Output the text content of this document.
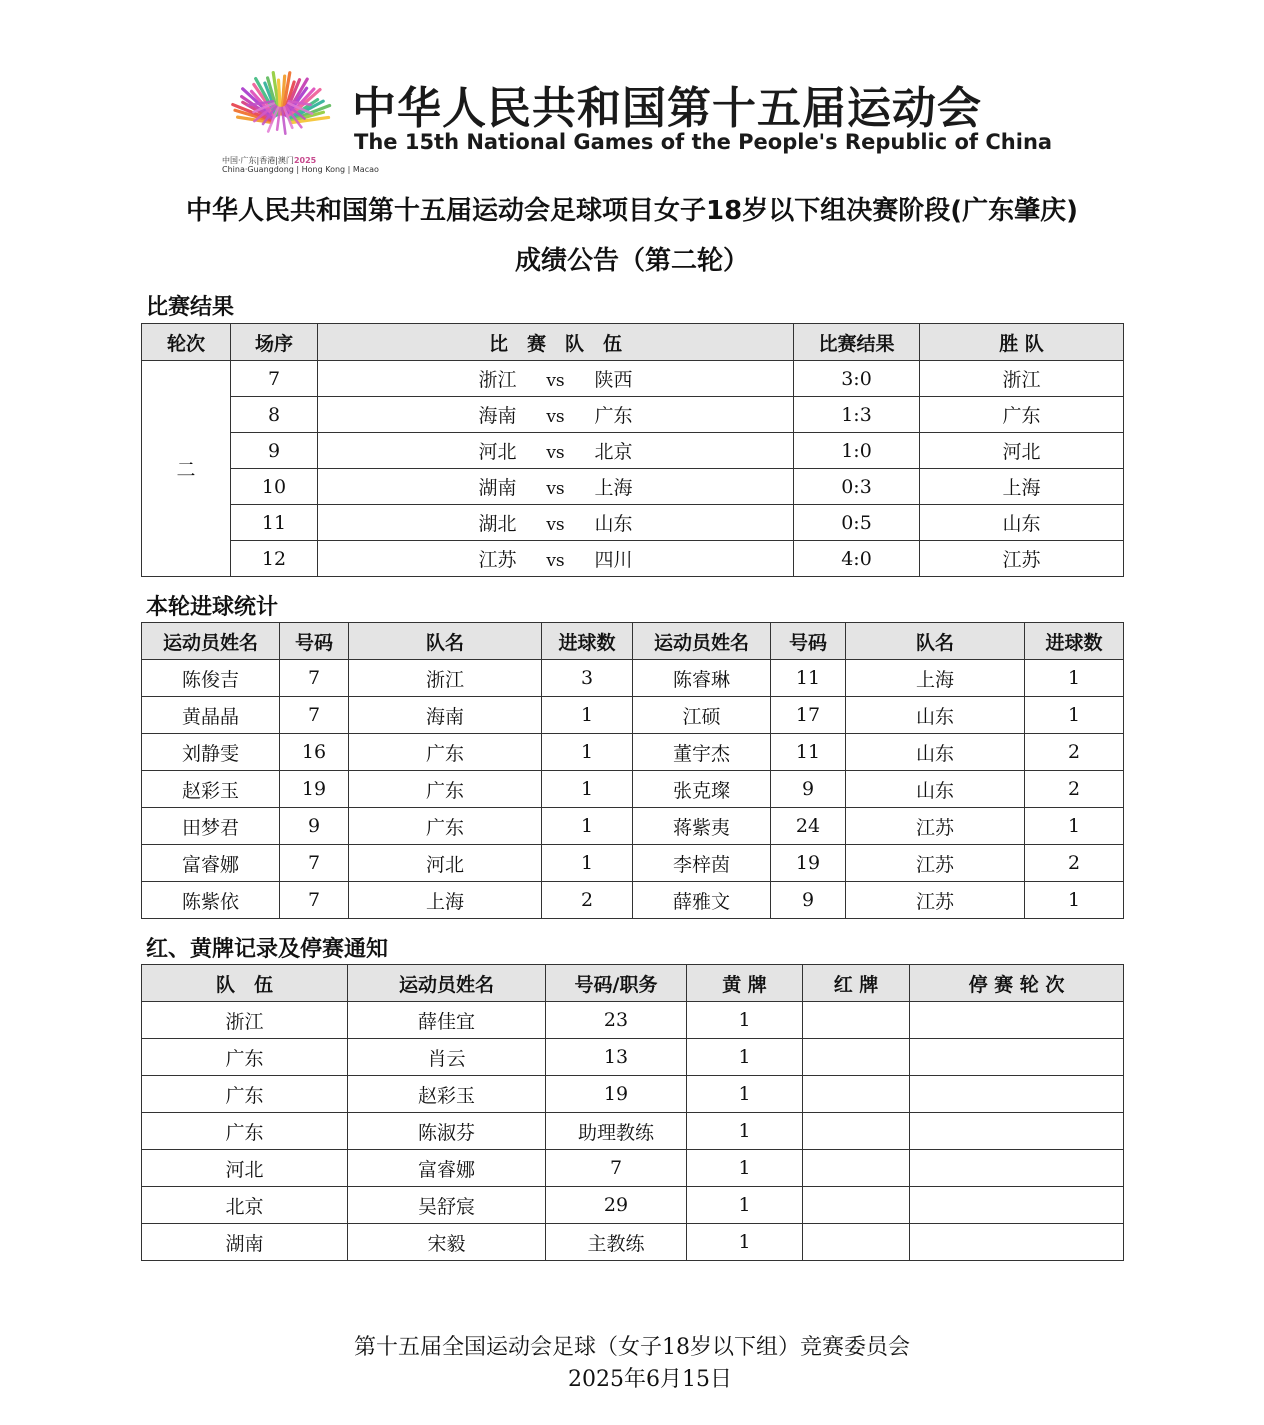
中华人民共和国第十五届运动会
The 15th National Games of the People's Republic of China
中国·广东|香港|澳门2025
China·Guangdong | Hong Kong | Macao
中华人民共和国第十五届运动会足球项目女子18岁以下组决赛阶段(广东肇庆)
成绩公告（第二轮）
比赛结果
轮次	场序	比　赛　队　伍	比赛结果	胜 队
二	7	浙江 vs 陕西	3:0	浙江
	8	海南 vs 广东	1:3	广东
	9	河北 vs 北京	1:0	河北
	10	湖南 vs 上海	0:3	上海
	11	湖北 vs 山东	0:5	山东
	12	江苏 vs 四川	4:0	江苏
本轮进球统计
运动员姓名	号码	队名	进球数	运动员姓名	号码	队名	进球数
陈俊吉	7	浙江	3	陈睿琳	11	上海	1
黄晶晶	7	海南	1	江硕	17	山东	1
刘静雯	16	广东	1	董宇杰	11	山东	2
赵彩玉	19	广东	1	张克璨	9	山东	2
田梦君	9	广东	1	蒋紫夷	24	江苏	1
富睿娜	7	河北	1	李梓茵	19	江苏	2
陈紫依	7	上海	2	薛雅文	9	江苏	1
红、黄牌记录及停赛通知
队　伍	运动员姓名	号码/职务	黄 牌	红 牌	停 赛 轮 次
浙江	薛佳宜	23	1		
广东	肖云	13	1		
广东	赵彩玉	19	1		
广东	陈淑芬	助理教练	1		
河北	富睿娜	7	1		
北京	吴舒宸	29	1		
湖南	宋毅	主教练	1		
第十五届全国运动会足球（女子18岁以下组）竞赛委员会
2025年6月15日
